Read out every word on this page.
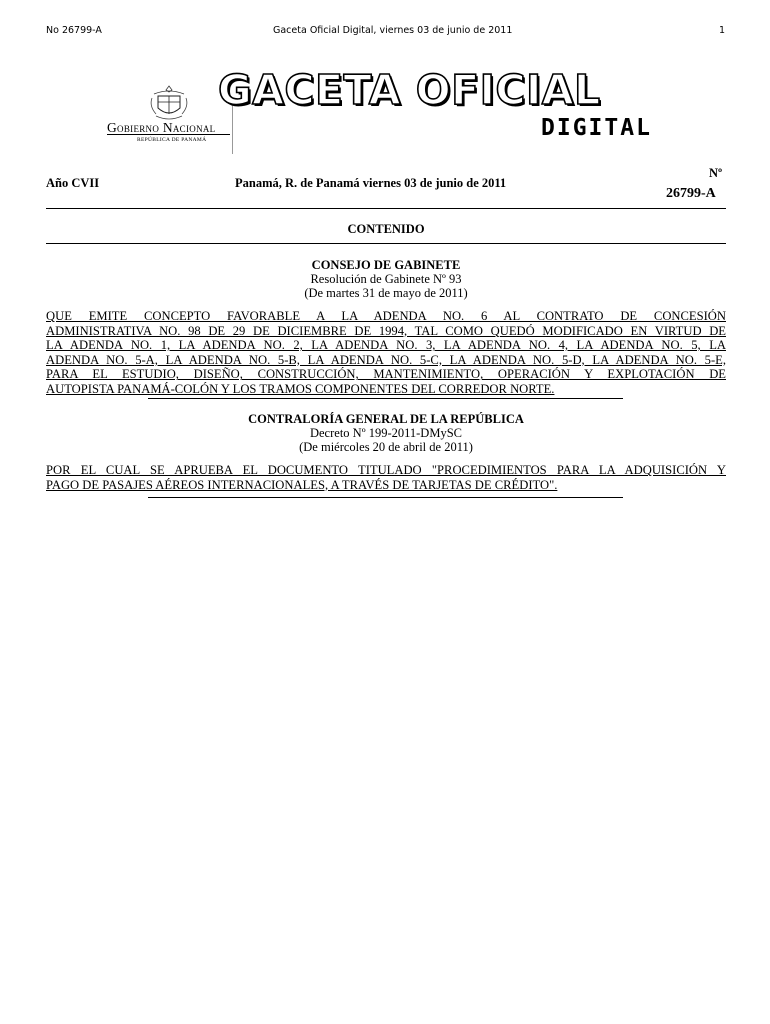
No 26799-A	Gaceta Oficial Digital, viernes 03 de junio de 2011	1
Gobierno Nacional
REPÚBLICA DE PANAMÁ
GACETA OFICIAL
DIGITAL
Año CVII	Panamá, R. de Panamá viernes 03 de junio de 2011
Nº
26799-A
CONTENIDO
CONSEJO DE GABINETE
Resolución de Gabinete Nº 93
(De martes 31 de mayo de 2011)
QUE EMITE CONCEPTO FAVORABLE A LA ADENDA NO. 6 AL CONTRATO DE CONCESIÓN
ADMINISTRATIVA NO. 98 DE 29 DE DICIEMBRE DE 1994, TAL COMO QUEDÓ MODIFICADO EN VIRTUD DE
LA ADENDA NO. 1, LA ADENDA NO. 2, LA ADENDA NO. 3, LA ADENDA NO. 4, LA ADENDA NO. 5, LA
ADENDA NO. 5-A, LA ADENDA NO. 5-B, LA ADENDA NO. 5-C, LA ADENDA NO. 5-D, LA ADENDA NO. 5-E,
PARA EL ESTUDIO, DISEÑO, CONSTRUCCIÓN, MANTENIMIENTO, OPERACIÓN Y EXPLOTACIÓN DE
AUTOPISTA PANAMÁ-COLÓN Y LOS TRAMOS COMPONENTES DEL CORREDOR NORTE.
CONTRALORÍA GENERAL DE LA REPÚBLICA
Decreto Nº 199-2011-DMySC
(De miércoles 20 de abril de 2011)
POR EL CUAL SE APRUEBA EL DOCUMENTO TITULADO "PROCEDIMIENTOS PARA LA ADQUISICIÓN Y
PAGO DE PASAJES AÉREOS INTERNACIONALES, A TRAVÉS DE TARJETAS DE CRÉDITO".
